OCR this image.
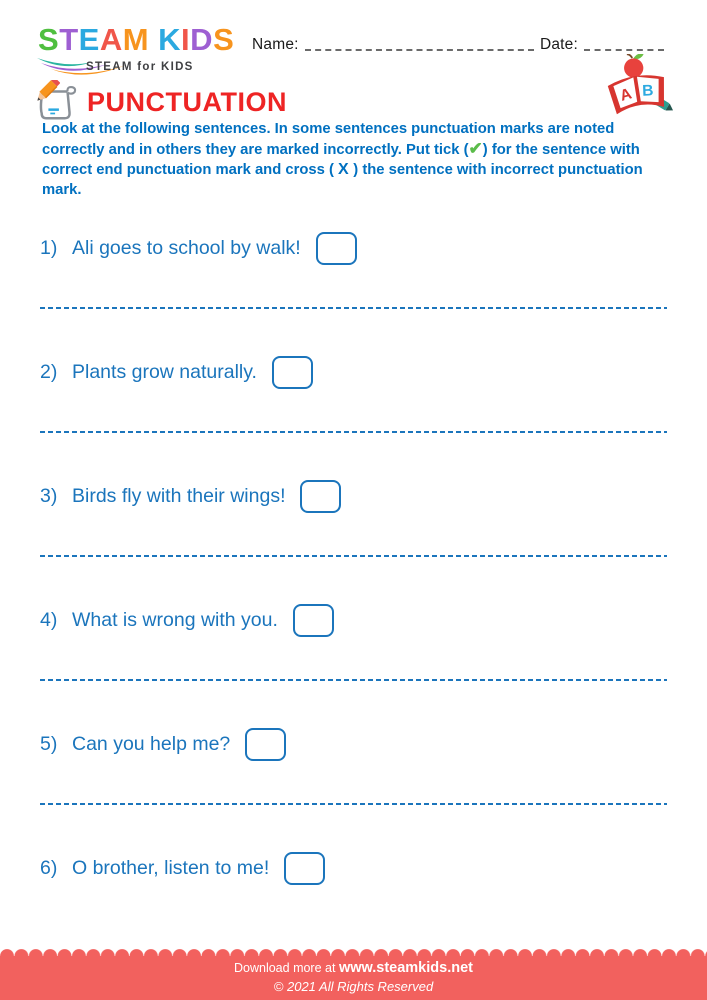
STEAM KIDS
STEAM for KIDS
Name:	Date:
A B
PUNCTUATION

Look at the following sentences. In some sentences punctuation marks are noted correctly and in others they are marked incorrectly. Put tick (✔) for the sentence with correct end punctuation mark and cross ( X ) the sentence with incorrect punctuation mark.

1) Ali goes to school by walk!
2) Plants grow naturally.
3) Birds fly with their wings!
4) What is wrong with you.
5) Can you help me?
6) O brother, listen to me!
Download more at www.steamkids.net
© 2021 All Rights Reserved
